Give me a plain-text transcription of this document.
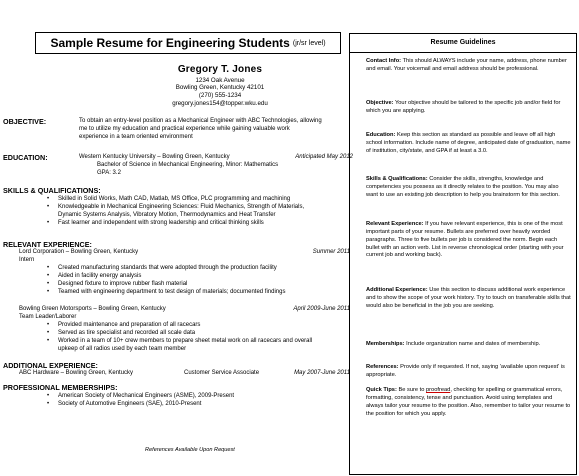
Sample Resume for Engineering Students (jr/sr level)
Gregory T. Jones
1234 Oak Avenue
Bowling Green, Kentucky 42101
(270) 555-1234
gregory.jones154@topper.wku.edu
OBJECTIVE:	To obtain an entry-level position as a Mechanical Engineer with ABC Technologies, allowing
me to utilize my education and practical experience while gaining valuable work
experience in a team oriented environment
EDUCATION:	Western Kentucky University – Bowling Green, Kentucky
Bachelor of Science in Mechanical Engineering, Minor: Mathematics
GPA: 3.2
Anticipated May 2012
SKILLS & QUALIFICATIONS:
• Skilled in Solid Works, Math CAD, Matlab, MS Office, PLC programming and machining
• Knowledgeable in Mechanical Engineering Sciences: Fluid Mechanics, Strength of Materials,
Dynamic Systems Analysis, Vibratory Motion, Thermodynamics and Heat Transfer
• Fast learner and independent with strong leadership and critical thinking skills
RELEVANT EXPERIENCE:
Lord Corporation – Bowling Green, Kentucky	Summer 2011
Intern
• Created manufacturing standards that were adopted through the production facility
• Aided in facility energy analysis
• Designed fixture to improve rubber flash material
• Teamed with engineering department to test design of materials; documented findings
Bowling Green Motorsports – Bowling Green, Kentucky	April 2009-June 2011
Team Leader/Laborer
• Provided maintenance and preparation of all racecars
• Served as tire specialist and recorded all scale data
• Worked in a team of 10+ crew members to prepare sheet metal work on all racecars and overall
upkeep of all radios used by each team member
ADDITIONAL EXPERIENCE:
ABC Hardware – Bowling Green, Kentucky	Customer Service Associate	May 2007-June 2011
PROFESSIONAL MEMBERSHIPS:
• American Society of Mechanical Engineers (ASME), 2009-Present
• Society of Automotive Engineers (SAE), 2010-Present
References Available Upon Request
Resume Guidelines
Contact Info: This should ALWAYS include your name, address, phone number and email. Your voicemail and email address should be professional.
Objective: Your objective should be tailored to the specific job and/or field for which you are applying.
Education: Keep this section as standard as possible and leave off all high school information. Include name of degree, anticipated date of graduation, name of institution, city/state, and GPA if at least a 3.0.
Skills & Qualifications: Consider the skills, strengths, knowledge and competencies you possess as it directly relates to the position. You may also want to use an existing job description to help you brainstorm for this section.
Relevant Experience: If you have relevant experience, this is one of the most important parts of your resume. Bullets are preferred over heavily worded paragraphs. Three to five bullets per job is considered the norm. Begin each bullet with an action verb. List in reverse chronological order (starting with your current job and working back).
Additional Experience: Use this section to discuss additional work experience and to show the scope of your work history. Try to touch on transferable skills that would also be beneficial in the job you are seeking.
Memberships: Include organization name and dates of membership.
References: Provide only if requested. If not, saying 'available upon request' is appropriate.
Quick Tips: Be sure to proofread, checking for spelling or grammatical errors, formatting, consistency, tense and punctuation. Avoid using templates and always tailor your resume to the position. Also, remember to tailor your resume to the position for which you apply.
